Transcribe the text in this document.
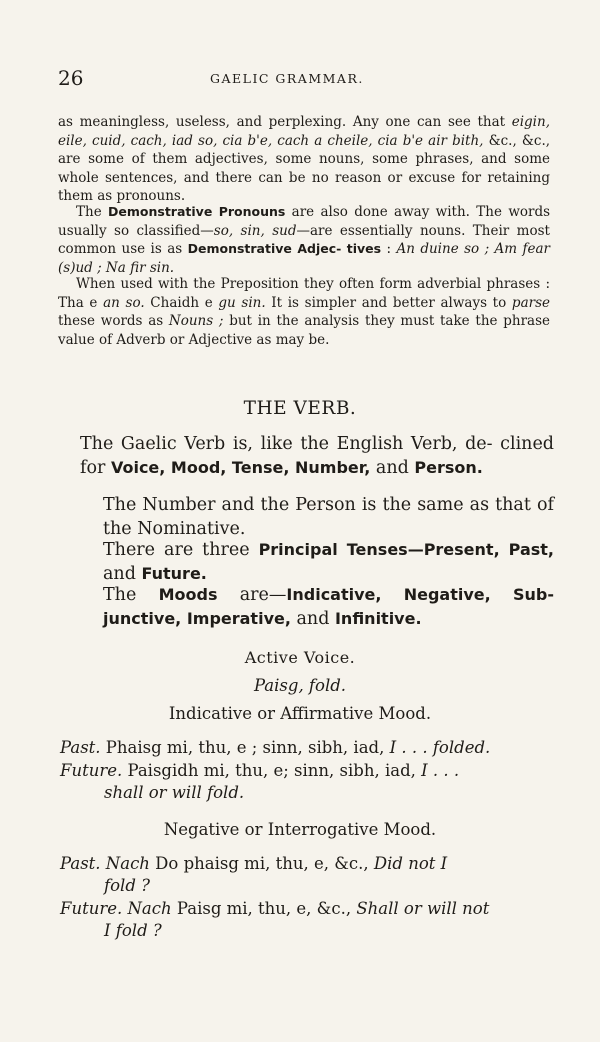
26	GAELIC GRAMMAR.

as meaningless, useless, and perplexing. Any one can see that eigin, eile, cuid, cach, iad so, cia b'e, cach a cheile, cia b'e air bith, &c., &c., are some of them adjectives, some nouns, some phrases, and some whole sentences, and there can be no reason or excuse for retaining them as pronouns.

The Demonstrative Pronouns are also done away with. The words usually so classified—so, sin, sud—are essentially nouns. Their most common use is as Demonstrative Adjec- tives : An duine so ; Am fear (s)ud ; Na fir sin.

When used with the Preposition they often form adverbial phrases : Tha e an so. Chaidh e gu sin. It is simpler and better always to parse these words as Nouns ; but in the analysis they must take the phrase value of Adverb or Adjective as may be.

THE VERB.

The Gaelic Verb is, like the English Verb, de- clined for Voice, Mood, Tense, Number, and Person.

The Number and the Person is the same as that of the Nominative.

There are three Principal Tenses—Present, Past, and Future.

The Moods are—Indicative, Negative, Sub- junctive, Imperative, and Infinitive.

Active Voice.
Paisg, fold.
Indicative or Affirmative Mood.
Past. Phaisg mi, thu, e ; sinn, sibh, iad, I . . . folded.
Future. Paisgidh mi, thu, e; sinn, sibh, iad, I . . .
shall or will fold.
Negative or Interrogative Mood.
Past. Nach Do phaisg mi, thu, e, &c., Did not I
fold ?
Future. Nach Paisg mi, thu, e, &c., Shall or will not
I fold ?
